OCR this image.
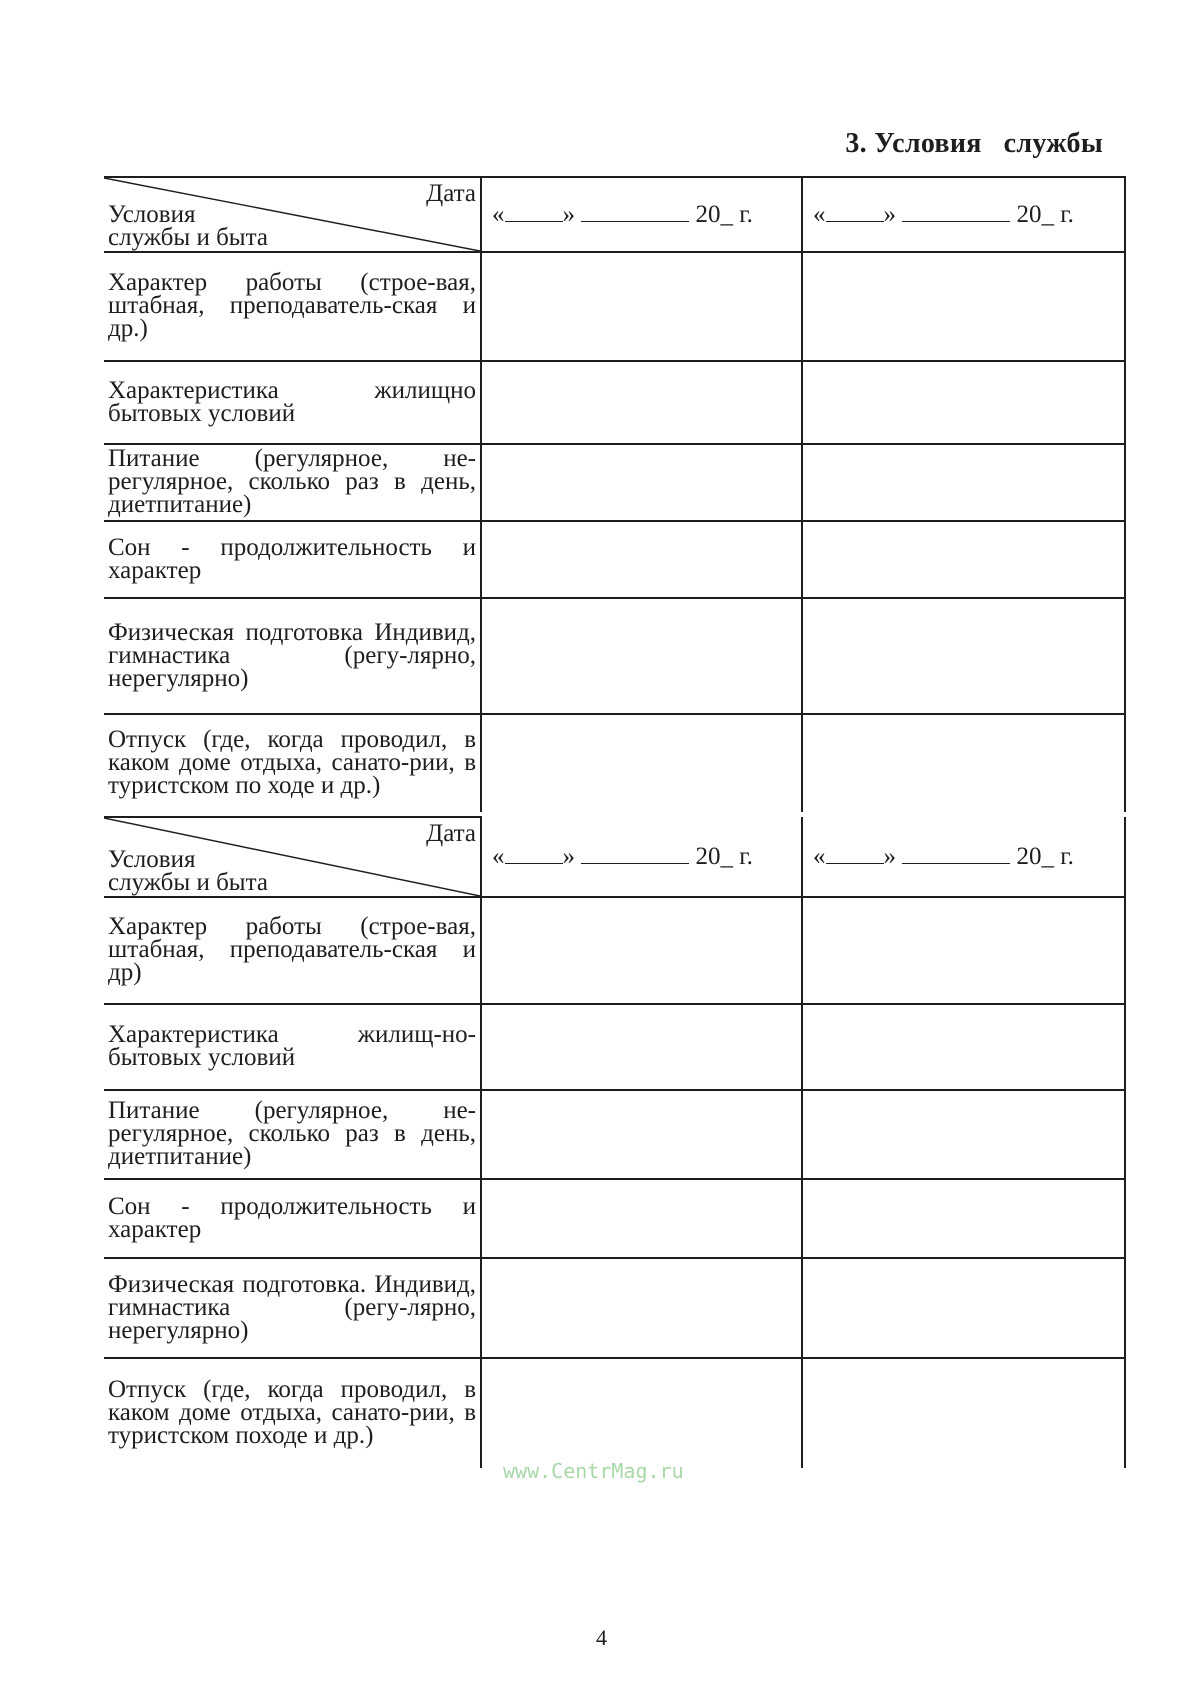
3. Условия   службы
Дата
Условия
службы и быта	« » 20_ г.	« » 20_ г.
Характер работы (строе-вая, штабная, преподаватель-ская и др.)		
Характеристика жилищно бытовых условий		
Питание (регулярное, не-регулярное, сколько раз в день, диетпитание)		
Сон - продолжительность и характер		
Физическая подготовка Индивид, гимнастика (регу-лярно, нерегулярно)		
Отпуск (где, когда проводил, в каком доме отдыха, санато-рии, в туристском по ходе и др.)		
Дата
Условия
службы и быта	« » 20_ г.	« » 20_ г.
Характер работы (строе-вая, штабная, преподаватель-ская и др)		
Характеристика жилищ-но-бытовых условий		
Питание (регулярное, не-регулярное, сколько раз в день, диетпитание)		
Сон - продолжительность и характер		
Физическая подготовка. Индивид, гимнастика (регу-лярно, нерегулярно)		
Отпуск (где, когда проводил, в каком доме отдыха, санато-рии, в туристском походе и др.)		
www.CentrMag.ru
4
